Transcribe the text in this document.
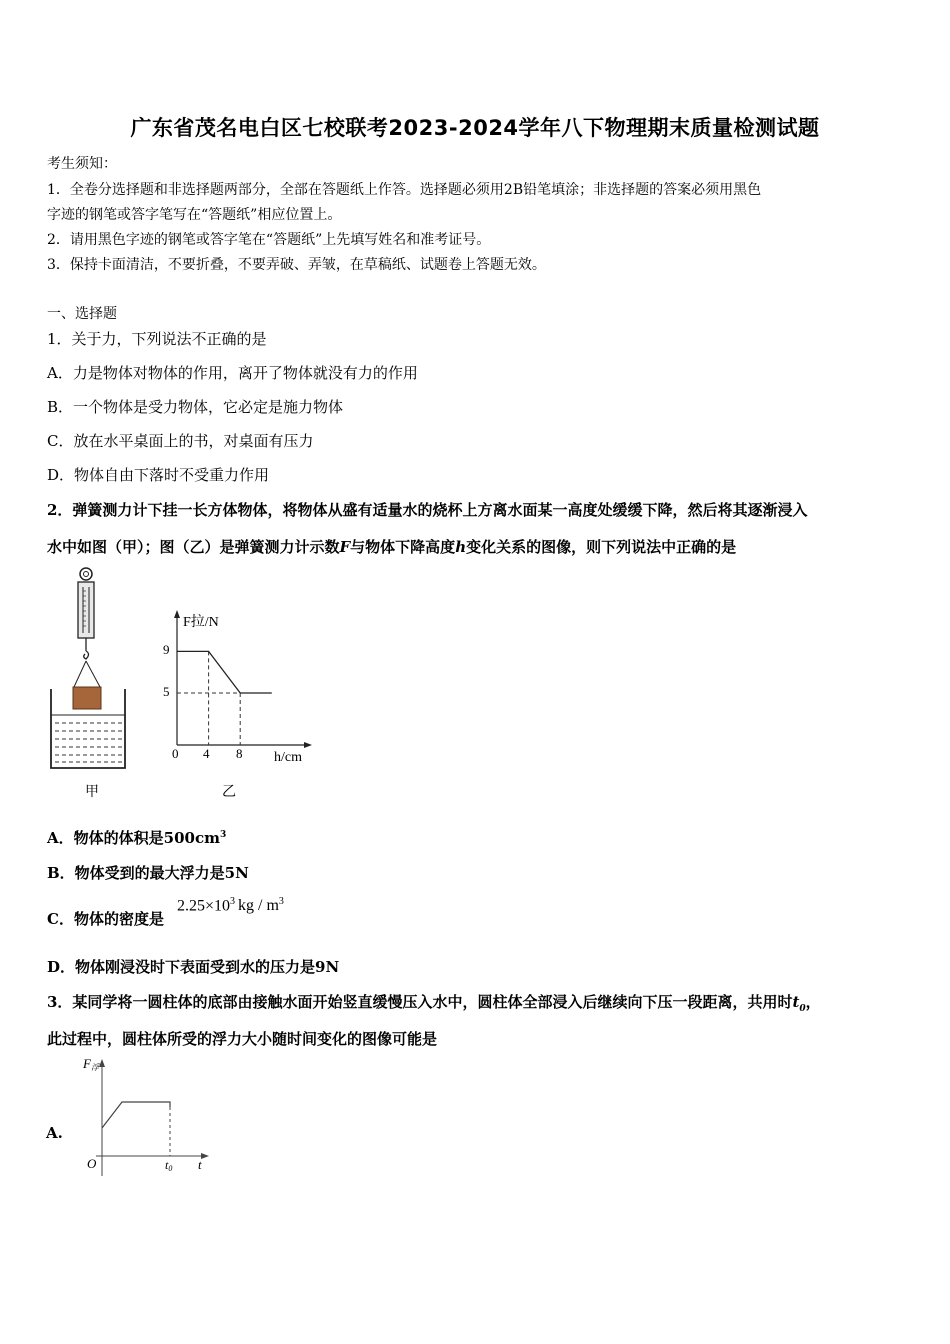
广东省茂名电白区七校联考2023-2024学年八下物理期末质量检测试题
考生须知：
1．全卷分选择题和非选择题两部分，全部在答题纸上作答。选择题必须用2B铅笔填涂；非选择题的答案必须用黑色
字迹的钢笔或答字笔写在“答题纸”相应位置上。
2．请用黑色字迹的钢笔或答字笔在“答题纸”上先填写姓名和准考证号。
3．保持卡面清洁，不要折叠，不要弄破、弄皱，在草稿纸、试题卷上答题无效。
一、选择题
1．关于力，下列说法不正确的是
A．力是物体对物体的作用，离开了物体就没有力的作用
B．一个物体是受力物体，它必定是施力物体
C．放在水平桌面上的书，对桌面有压力
D．物体自由下落时不受重力作用
2．弹簧测力计下挂一长方体物体，将物体从盛有适量水的烧杯上方离水面某一高度处缓缓下降，然后将其逐渐浸入
水中如图（甲）；图（乙）是弹簧测力计示数F与物体下降高度h变化关系的图像，则下列说法中正确的是
甲
F拉/N
9
5
0 4 8 h/cm
乙
A．物体的体积是$500cm^3$
B．物体受到的最大浮力是5N
C．物体的密度是
$2.25\times 10^3$ kg / $m^3$
D．物体刚浸没时下表面受到水的压力是9N
3．某同学将一圆柱体的底部由接触水面开始竖直缓慢压入水中，圆柱体全部浸入后继续向下压一段距离，共用时$t_0$，
此过程中，圆柱体所受的浮力大小随时间变化的图像可能是
A.
F浮
O	t0 t
